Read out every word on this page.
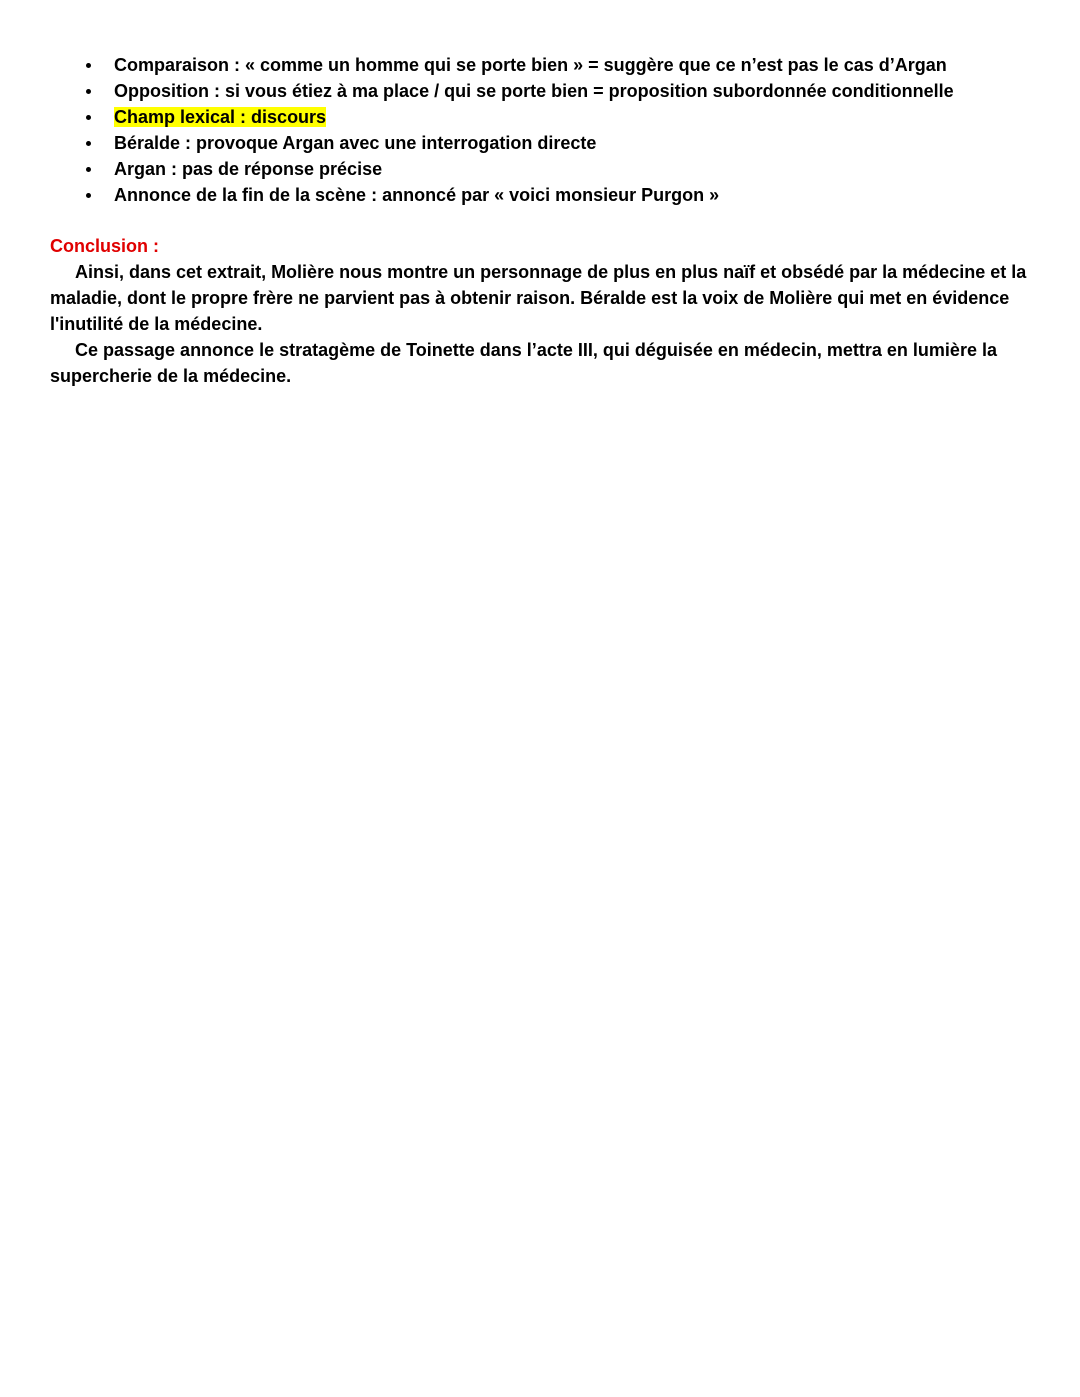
Comparaison : « comme un homme qui se porte bien » = suggère que ce n’est pas le cas d’Argan
Opposition : si vous étiez à ma place / qui se porte bien = proposition subordonnée conditionnelle
Champ lexical : discours
Béralde : provoque Argan avec une interrogation directe
Argan : pas de réponse précise
Annonce de la fin de la scène : annoncé par « voici monsieur Purgon »
Conclusion :

Ainsi, dans cet extrait, Molière nous montre un personnage de plus en plus naïf et obsédé par la médecine et la maladie, dont le propre frère ne parvient pas à obtenir raison. Béralde est la voix de Molière qui met en évidence l'inutilité de la médecine.

Ce passage annonce le stratagème de Toinette dans l’acte III, qui déguisée en médecin, mettra en lumière la supercherie de la médecine.
